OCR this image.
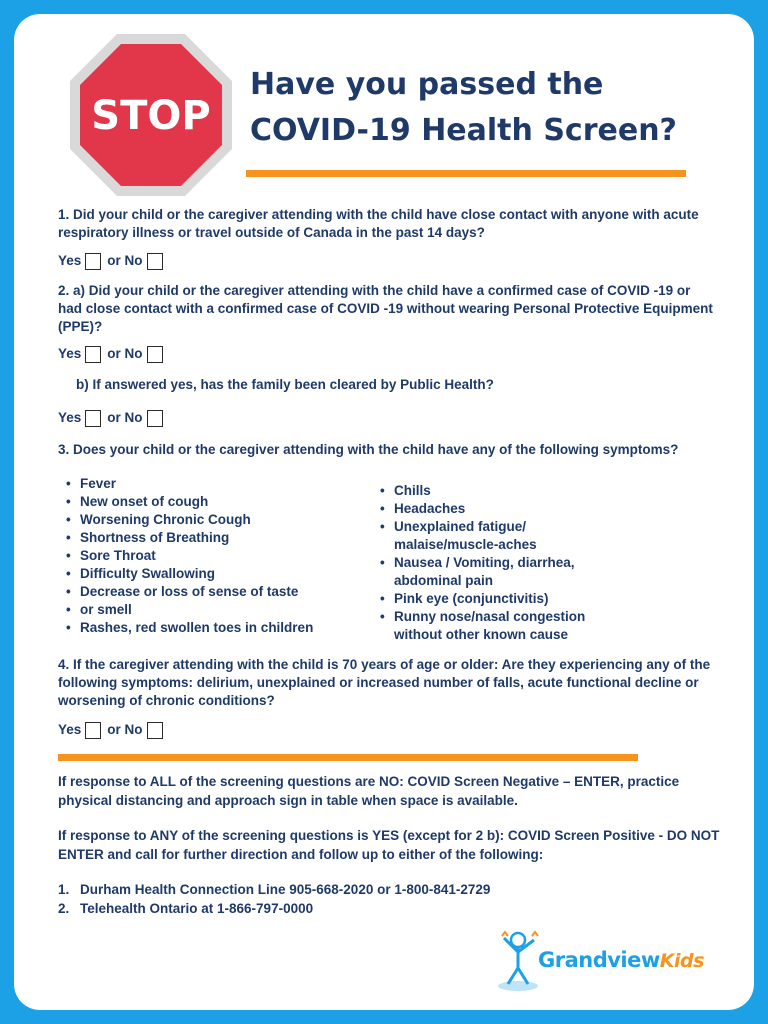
STOP
Have you passed the
COVID-19 Health Screen?
1. Did your child or the caregiver attending with the child have close contact with anyone with acute respiratory illness or travel outside of Canada in the past 14 days?
Yes or No
2. a) Did your child or the caregiver attending with the child have a confirmed case of COVID -19 or had close contact with a confirmed case of COVID -19 without wearing Personal Protective Equipment (PPE)?
Yes or No
b) If answered yes, has the family been cleared by Public Health?
Yes or No
3. Does your child or the caregiver attending with the child have any of the following symptoms?
• Fever
• New onset of cough
• Worsening Chronic Cough
• Shortness of Breathing
• Sore Throat
• Difficulty Swallowing
• Decrease or loss of sense of taste
• or smell
• Rashes, red swollen toes in children
• Chills
• Headaches
• Unexplained fatigue/
malaise/muscle-aches
• Nausea / Vomiting, diarrhea,
abdominal pain
• Pink eye (conjunctivitis)
• Runny nose/nasal congestion
without other known cause
4. If the caregiver attending with the child is 70 years of age or older: Are they experiencing any of the following symptoms: delirium, unexplained or increased number of falls, acute functional decline or worsening of chronic conditions?
Yes or No
If response to ALL of the screening questions are NO: COVID Screen Negative – ENTER, practice physical distancing and approach sign in table when space is available.
If response to ANY of the screening questions is YES (except for 2 b): COVID Screen Positive - DO NOT ENTER and call for further direction and follow up to either of the following:
1. Durham Health Connection Line 905-668-2020 or 1-800-841-2729
2. Telehealth Ontario at 1-866-797-0000
GrandviewKids
